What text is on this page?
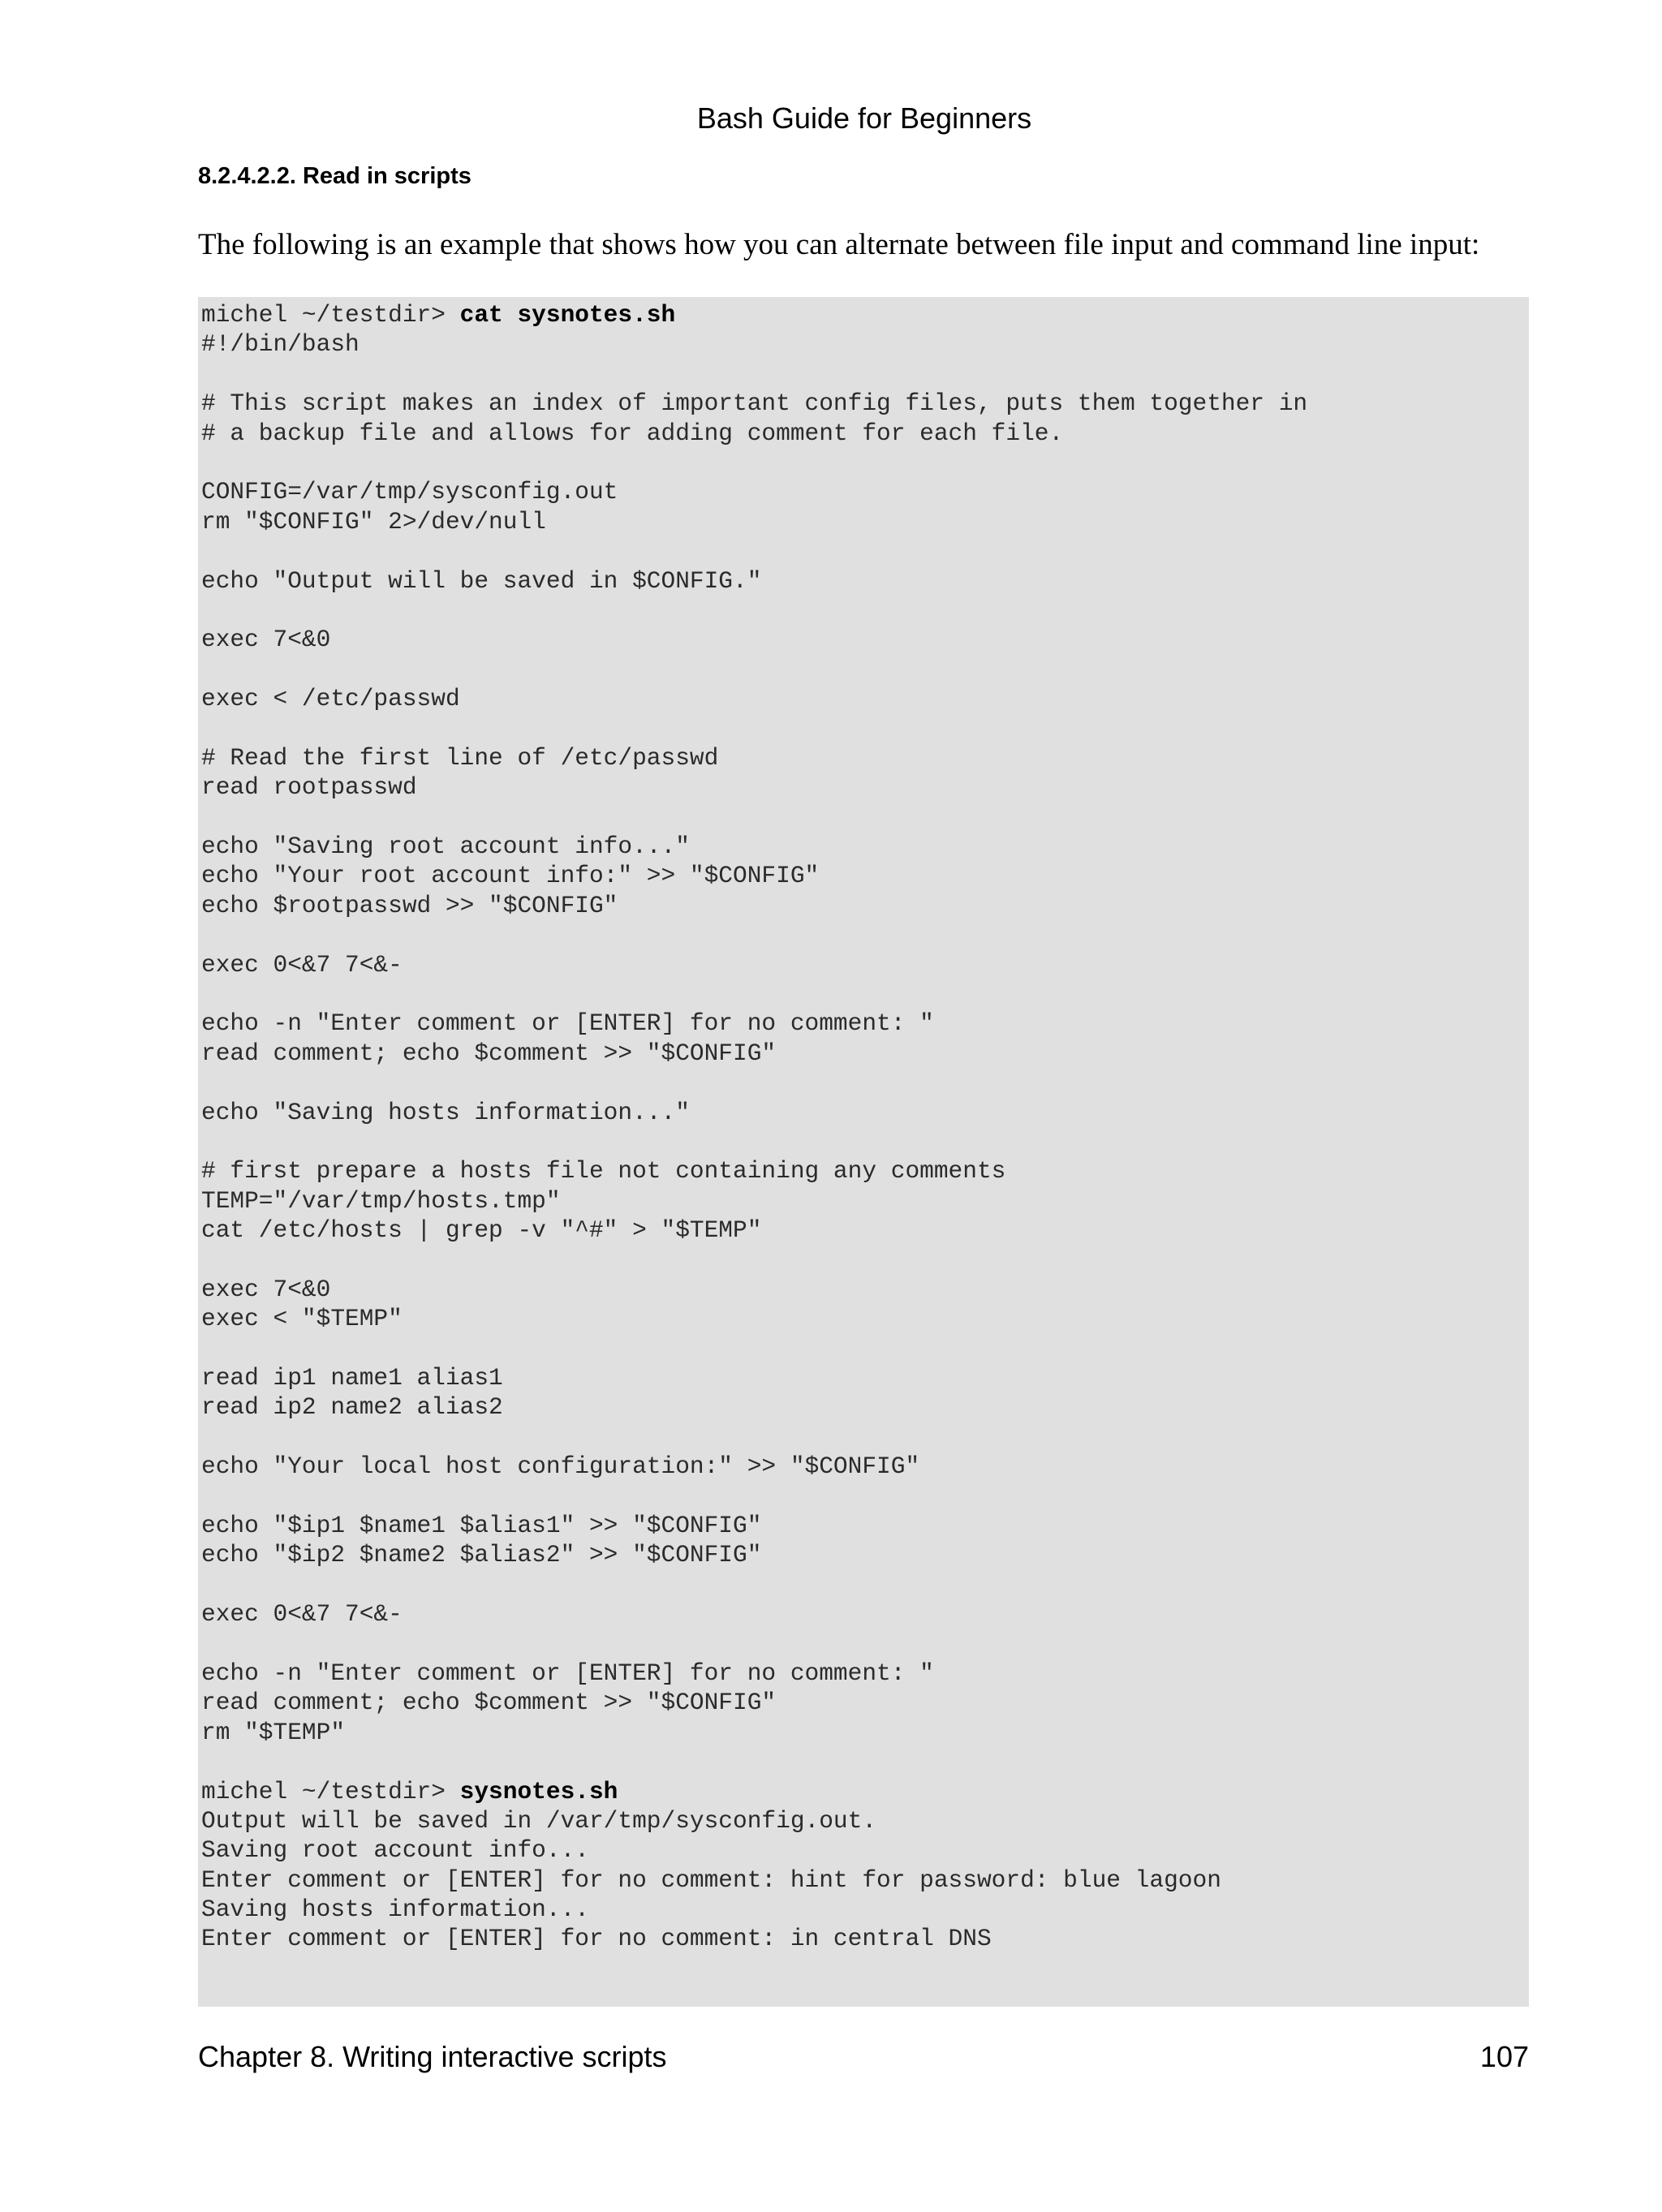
Bash Guide for Beginners
8.2.4.2.2. Read in scripts

The following is an example that shows how you can alternate between file input and command line input:

michel ~/testdir> cat sysnotes.sh
#!/bin/bash
# This script makes an index of important config files, puts them together in
# a backup file and allows for adding comment for each file.
CONFIG=/var/tmp/sysconfig.out
rm "$CONFIG" 2>/dev/null
echo "Output will be saved in $CONFIG."
exec 7<&0
exec < /etc/passwd
# Read the first line of /etc/passwd
read rootpasswd
echo "Saving root account info..."
echo "Your root account info:" >> "$CONFIG"
echo $rootpasswd >> "$CONFIG"
exec 0<&7 7<&-
echo -n "Enter comment or [ENTER] for no comment: "
read comment; echo $comment >> "$CONFIG"
echo "Saving hosts information..."
# first prepare a hosts file not containing any comments
TEMP="/var/tmp/hosts.tmp"
cat /etc/hosts | grep -v "^#" > "$TEMP"
exec 7<&0
exec < "$TEMP"
read ip1 name1 alias1
read ip2 name2 alias2
echo "Your local host configuration:" >> "$CONFIG"
echo "$ip1 $name1 $alias1" >> "$CONFIG"
echo "$ip2 $name2 $alias2" >> "$CONFIG"
exec 0<&7 7<&-
echo -n "Enter comment or [ENTER] for no comment: "
read comment; echo $comment >> "$CONFIG"
rm "$TEMP"
michel ~/testdir> sysnotes.sh
Output will be saved in /var/tmp/sysconfig.out.
Saving root account info...
Enter comment or [ENTER] for no comment: hint for password: blue lagoon
Saving hosts information...
Enter comment or [ENTER] for no comment: in central DNS
Chapter 8. Writing interactive scripts	107
